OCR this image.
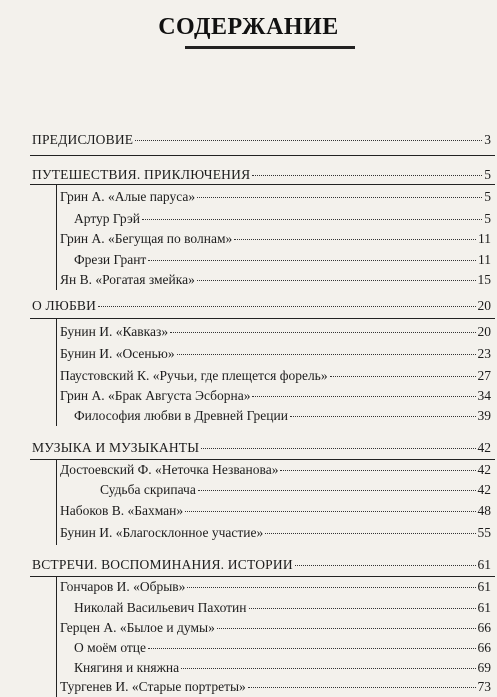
СОДЕРЖАНИЕ
ПРЕДИСЛОВИЕ	3
ПУТЕШЕСТВИЯ. ПРИКЛЮЧЕНИЯ	5
Грин А. «Алые паруса»	5
Артур Грэй	5
Грин А. «Бегущая по волнам»	11
Фрези Грант	11
Ян В. «Рогатая змейка»	15
О ЛЮБВИ	20
Бунин И. «Кавказ»	20
Бунин И. «Осенью»	23
Паустовский К. «Ручьи, где плещется форель»	27
Грин А. «Брак Августа Эсборна»	34
Философия любви в Древней Греции	39
МУЗЫКА И МУЗЫКАНТЫ	42
Достоевский Ф. «Неточка Незванова»	42
Судьба скрипача	42
Набоков В. «Бахман»	48
Бунин И. «Благосклонное участие»	55
ВСТРЕЧИ. ВОСПОМИНАНИЯ. ИСТОРИИ	61
Гончаров И. «Обрыв»	61
Николай Васильевич Пахотин	61
Герцен А. «Былое и думы»	66
О моём отце	66
Княгиня и княжна	69
Тургенев И. «Старые портреты»	73
